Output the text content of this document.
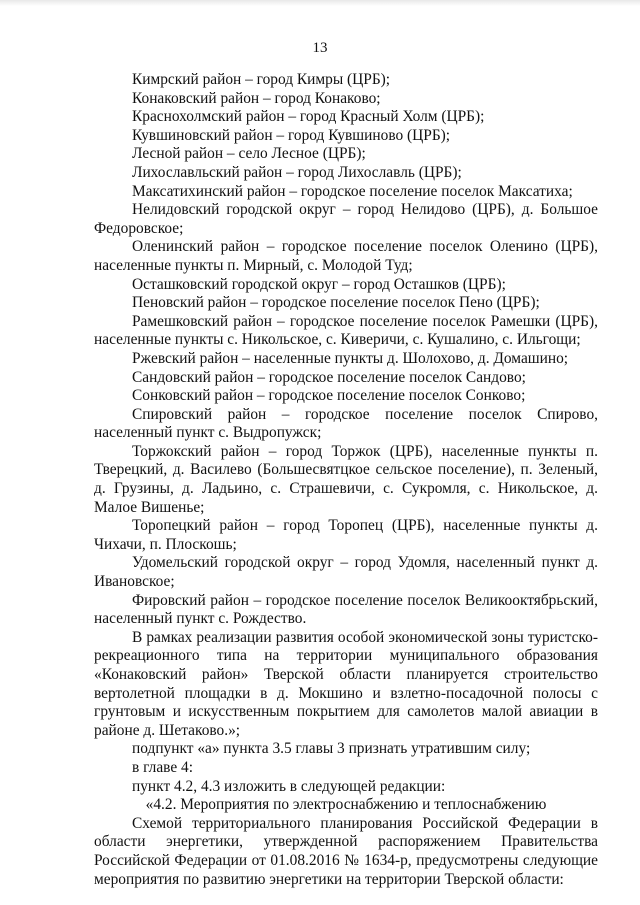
13

Кимрский район – город Кимры (ЦРБ);

Конаковский район – город Конаково;

Краснохолмский район – город Красный Холм (ЦРБ);

Кувшиновский район – город Кувшиново (ЦРБ);

Лесной район – село Лесное (ЦРБ);

Лихославльский район – город Лихославль (ЦРБ);

Максатихинский район – городское поселение поселок Максатиха;

Нелидовский городской округ – город Нелидово (ЦРБ), д. Большое Федоровское;

Оленинский район – городское поселение поселок Оленино (ЦРБ), населенные пункты п. Мирный, с. Молодой Туд;

Осташковский городской округ – город Осташков (ЦРБ);

Пеновский район – городское поселение поселок Пено (ЦРБ);

Рамешковский район – городское поселение поселок Рамешки (ЦРБ), населенные пункты с. Никольское, с. Киверичи, с. Кушалино, с. Ильгощи;

Ржевский район – населенные пункты д. Шолохово, д. Домашино;

Сандовский район – городское поселение поселок Сандово;

Сонковский район – городское поселение поселок Сонково;

Спировский район – городское поселение поселок Спирово, населенный пункт с. Выдропужск;

Торжокский район – город Торжок (ЦРБ), населенные пункты п. Тверецкий, д. Василево (Большесвятцкое сельское поселение), п. Зеленый, д. Грузины, д. Ладьино, с. Страшевичи, с. Сукромля, с. Никольское, д. Малое Вишенье;

Торопецкий район – город Торопец (ЦРБ), населенные пункты д. Чихачи, п. Плоскошь;

Удомельский городской округ – город Удомля, населенный пункт д. Ивановское;

Фировский район – городское поселение поселок Великооктябрьский, населенный пункт с. Рождество.

В рамках реализации развития особой экономической зоны туристско-рекреационного типа на территории муниципального образования «Конаковский район» Тверской области планируется строительство вертолетной площадки в д. Мокшино и взлетно-посадочной полосы с грунтовым и искусственным покрытием для самолетов малой авиации в районе д. Шетаково.»;

подпункт «а» пункта 3.5 главы 3 признать утратившим силу;

в главе 4:

пункт 4.2, 4.3 изложить в следующей редакции:

«4.2. Мероприятия по электроснабжению и теплоснабжению

Схемой территориального планирования Российской Федерации в области энергетики, утвержденной распоряжением Правительства Российской Федерации от 01.08.2016 № 1634-р, предусмотрены следующие мероприятия по развитию энергетики на территории Тверской области:
